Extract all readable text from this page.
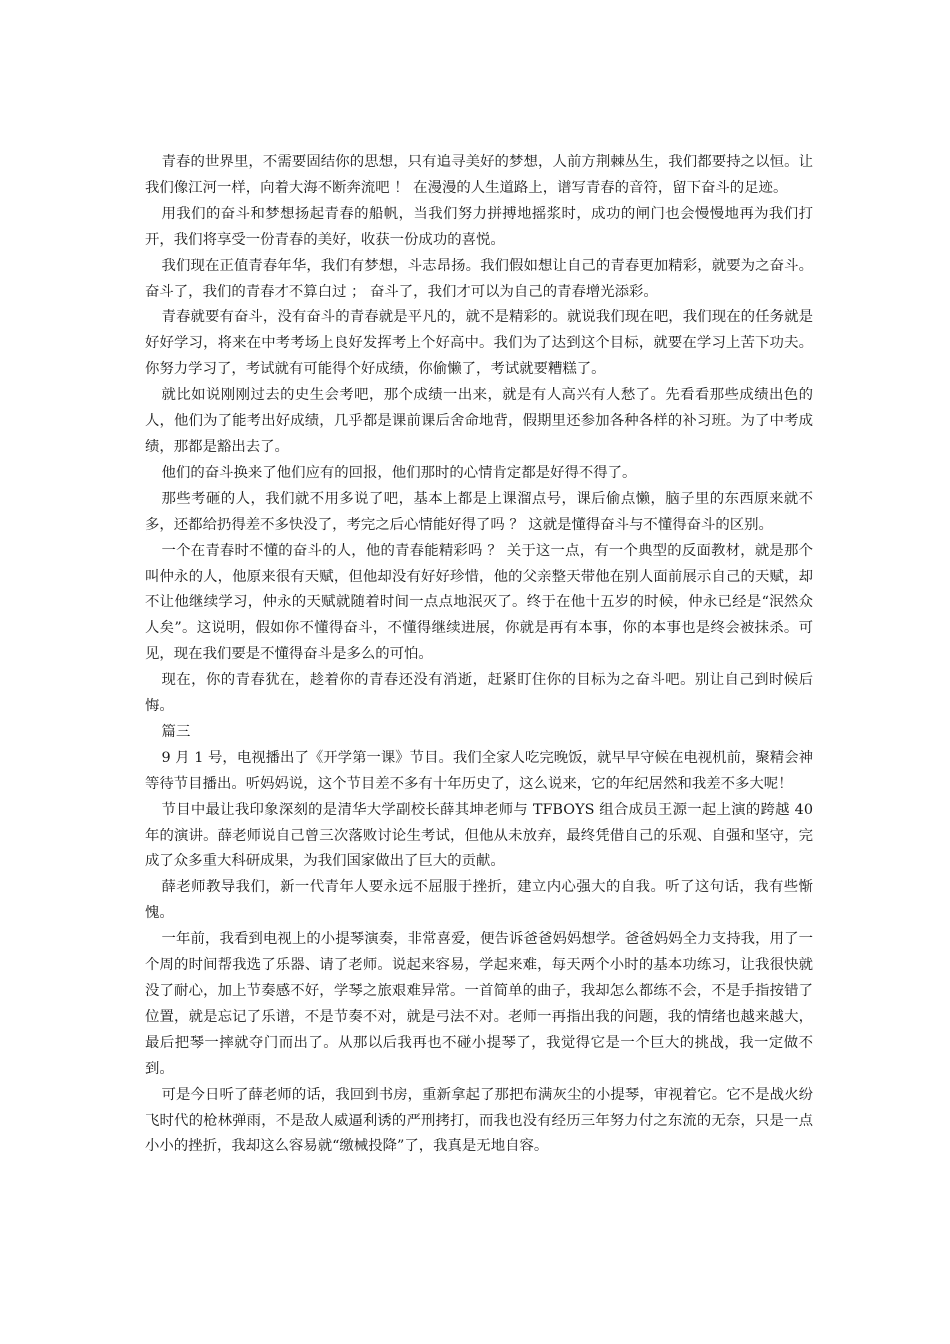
青春的世界里，不需要固结你的思想，只有追寻美好的梦想，人前方荆棘丛生，我们都要持之以恒。让我们像江河一样，向着大海不断奔流吧 ！ 在漫漫的人生道路上，谱写青春的音符，留下奋斗的足迹。

用我们的奋斗和梦想扬起青春的船帆，当我们努力拼搏地摇浆时，成功的闸门也会慢慢地再为我们打开，我们将享受一份青春的美好，收获一份成功的喜悦。

我们现在正值青春年华，我们有梦想，斗志昂扬。我们假如想让自己的青春更加精彩，就要为之奋斗。奋斗了，我们的青春才不算白过 ； 奋斗了，我们才可以为自己的青春增光添彩。

青春就要有奋斗，没有奋斗的青春就是平凡的，就不是精彩的。就说我们现在吧，我们现在的任务就是好好学习，将来在中考考场上良好发挥考上个好高中。我们为了达到这个目标，就要在学习上苦下功夫。你努力学习了，考试就有可能得个好成绩，你偷懒了，考试就要糟糕了。

就比如说刚刚过去的史生会考吧，那个成绩一出来，就是有人高兴有人愁了。先看看那些成绩出色的人，他们为了能考出好成绩，几乎都是课前课后舍命地背，假期里还参加各种各样的补习班。为了中考成绩，那都是豁出去了。

他们的奋斗换来了他们应有的回报，他们那时的心情肯定都是好得不得了。

那些考砸的人，我们就不用多说了吧，基本上都是上课溜点号，课后偷点懒，脑子里的东西原来就不多，还都给扔得差不多快没了，考完之后心情能好得了吗 ？ 这就是懂得奋斗与不懂得奋斗的区别。

一个在青春时不懂的奋斗的人，他的青春能精彩吗 ？ 关于这一点，有一个典型的反面教材，就是那个叫仲永的人，他原来很有天赋，但他却没有好好珍惜，他的父亲整天带他在别人面前展示自己的天赋，却不让他继续学习，仲永的天赋就随着时间一点点地泯灭了。终于在他十五岁的时候，仲永已经是“泯然众人矣”。这说明，假如你不懂得奋斗，不懂得继续进展，你就是再有本事，你的本事也是终会被抹杀。可见，现在我们要是不懂得奋斗是多么的可怕。

现在，你的青春犹在，趁着你的青春还没有消逝，赶紧盯住你的目标为之奋斗吧。别让自己到时候后悔。

篇三

9 月 1 号，电视播出了《开学第一课》节目。我们全家人吃完晚饭，就早早守候在电视机前，聚精会神等待节目播出。听妈妈说，这个节目差不多有十年历史了，这么说来，它的年纪居然和我差不多大呢！

节目中最让我印象深刻的是清华大学副校长薛其坤老师与 TFBOYS 组合成员王源一起上演的跨越 40 年的演讲。薛老师说自己曾三次落败讨论生考试，但他从未放弃，最终凭借自己的乐观、自强和坚守，完成了众多重大科研成果，为我们国家做出了巨大的贡献。

薛老师教导我们，新一代青年人要永远不屈服于挫折，建立内心强大的自我。听了这句话，我有些惭愧。

一年前，我看到电视上的小提琴演奏，非常喜爱，便告诉爸爸妈妈想学。爸爸妈妈全力支持我，用了一个周的时间帮我选了乐器、请了老师。说起来容易，学起来难，每天两个小时的基本功练习，让我很快就没了耐心，加上节奏感不好，学琴之旅艰难异常。一首简单的曲子，我却怎么都练不会，不是手指按错了位置，就是忘记了乐谱，不是节奏不对，就是弓法不对。老师一再指出我的问题，我的情绪也越来越大，最后把琴一摔就夺门而出了。从那以后我再也不碰小提琴了，我觉得它是一个巨大的挑战，我一定做不到。

可是今日听了薛老师的话，我回到书房，重新拿起了那把布满灰尘的小提琴，审视着它。它不是战火纷飞时代的枪林弹雨，不是敌人威逼利诱的严刑拷打，而我也没有经历三年努力付之东流的无奈，只是一点小小的挫折，我却这么容易就“缴械投降”了，我真是无地自容。
